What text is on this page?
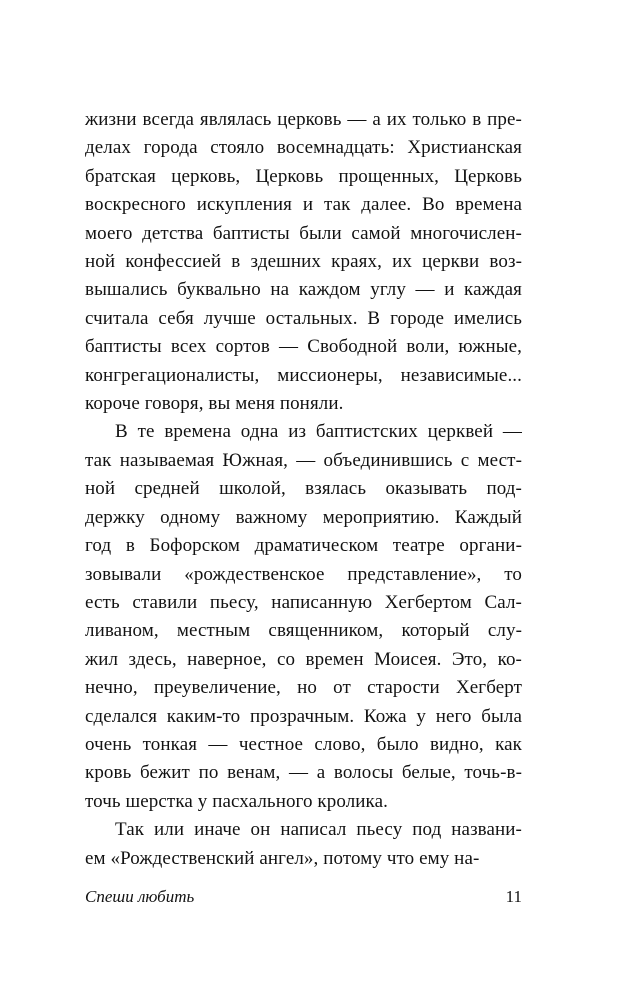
жизни всегда являлась церковь — а их только в пре-
делах города стояло восемнадцать: Христианская
братская церковь, Церковь прощенных, Церковь
воскресного искупления и так далее. Во времена
моего детства баптисты были самой многочислен-
ной конфессией в здешних краях, их церкви воз-
вышались буквально на каждом углу — и каждая
считала себя лучше остальных. В городе имелись
баптисты всех сортов — Свободной воли, южные,
конгрегационалисты, миссионеры, независимые...
короче говоря, вы меня поняли.
В те времена одна из баптистских церквей —
так называемая Южная, — объединившись с мест-
ной средней школой, взялась оказывать под-
держку одному важному мероприятию. Каждый
год в Бофорском драматическом театре органи-
зовывали «рождественское представление», то
есть ставили пьесу, написанную Хегбертом Сал-
ливаном, местным священником, который слу-
жил здесь, наверное, со времен Моисея. Это, ко-
нечно, преувеличение, но от старости Хегберт
сделался каким-то прозрачным. Кожа у него была
очень тонкая — честное слово, было видно, как
кровь бежит по венам, — а волосы белые, точь-в-
точь шерстка у пасхального кролика.
Так или иначе он написал пьесу под названи-
ем «Рождественский ангел», потому что ему на-
Спеши любить	11
